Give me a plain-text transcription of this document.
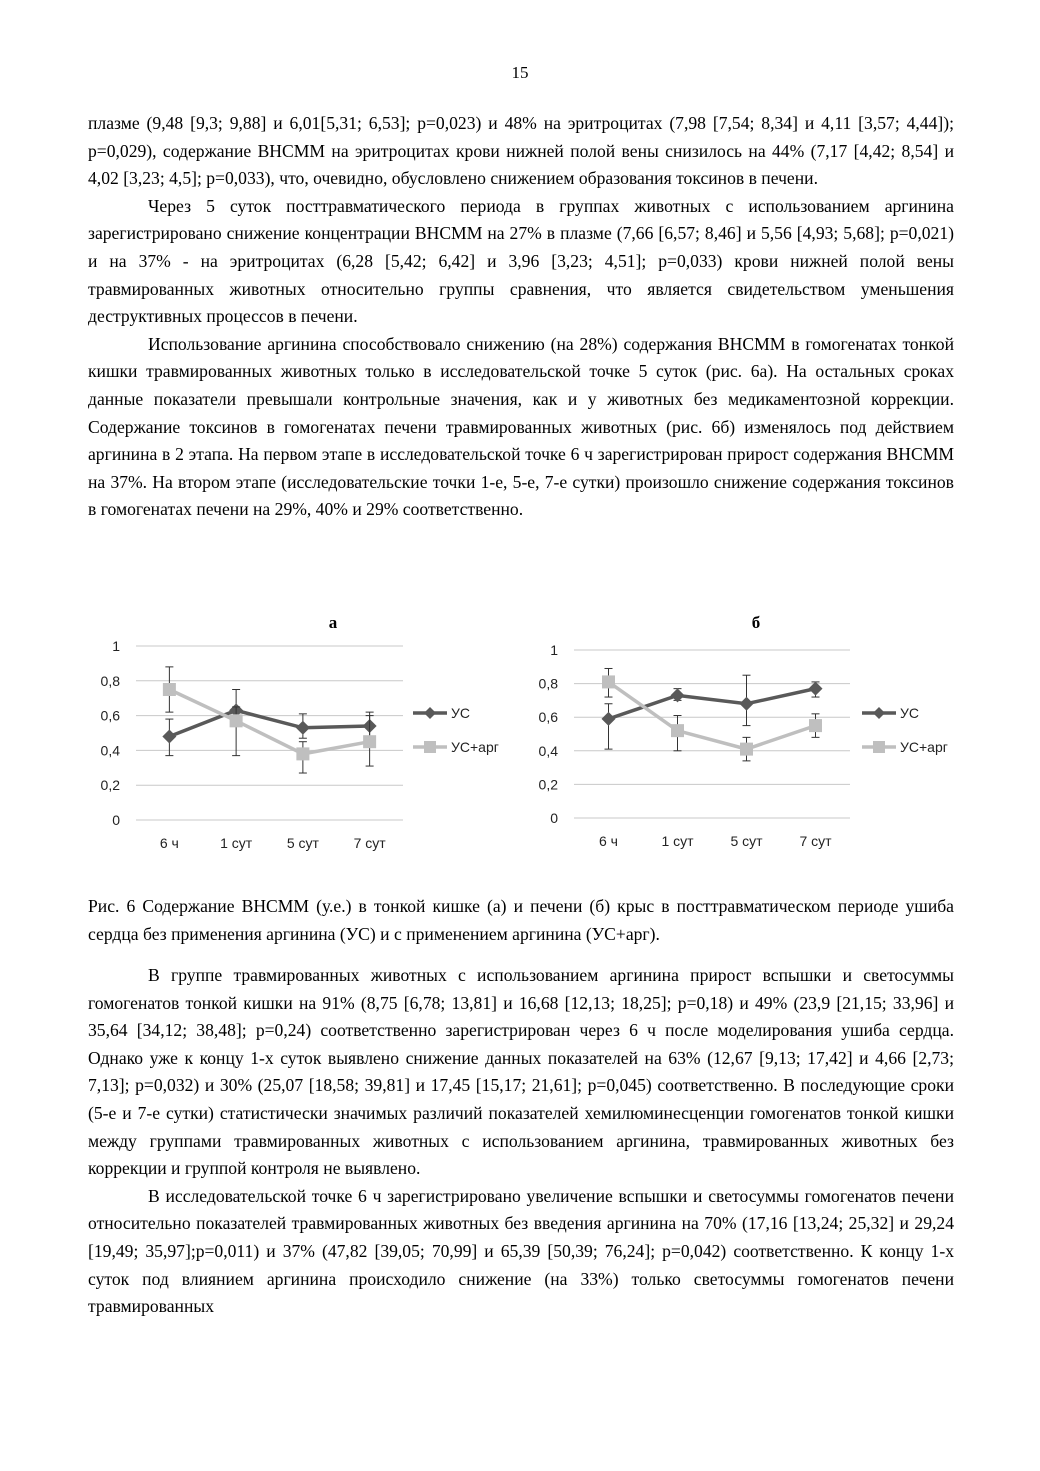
15

плазме (9,48 [9,3; 9,88] и 6,01[5,31; 6,53]; p=0,023) и 48% на эритроцитах (7,98 [7,54; 8,34] и 4,11 [3,57; 4,44]); p=0,029), содержание ВНСММ на эритроцитах крови нижней полой вены снизилось на 44% (7,17 [4,42; 8,54] и 4,02 [3,23; 4,5]; p=0,033), что, очевидно, обусловлено снижением образования токсинов в печени.

Через 5 суток посттравматического периода в группах животных с использованием аргинина зарегистрировано снижение концентрации ВНСММ на 27% в плазме (7,66 [6,57; 8,46] и 5,56 [4,93; 5,68]; p=0,021) и на 37% - на эритроцитах (6,28 [5,42; 6,42] и 3,96 [3,23; 4,51]; p=0,033) крови нижней полой вены травмированных животных относительно группы сравнения, что является свидетельством уменьшения деструктивных процессов в печени.

Использование аргинина способствовало снижению (на 28%) содержания ВНСММ в гомогенатах тонкой кишки травмированных животных только в исследовательской точке 5 суток (рис. 6а). На остальных сроках данные показатели превышали контрольные значения, как и у животных без медикаментозной коррекции. Содержание токсинов в гомогенатах печени травмированных животных (рис. 6б) изменялось под действием аргинина в 2 этапа. На первом этапе в исследовательской точке 6 ч зарегистрирован прирост содержания ВНСММ на 37%. На втором этапе (исследовательские точки 1-е, 5-е, 7-е сутки) произошло снижение содержания токсинов в гомогенатах печени на 29%, 40% и 29% соответственно.

а
0
0,2
0,4
0,6
0,8
1
6 ч	1 сут 5 сут 7 сут
УС
УС+арг
б
0
0,2
0,4
0,6
0,8
1
6 ч	1 сут	5 сут	7 сут
УС
УС+арг
Рис. 6 Содержание ВНСММ (у.е.) в тонкой кишке (а) и печени (б) крыс в посттравматическом периоде ушиба сердца без применения аргинина (УС) и с применением аргинина (УС+арг).

В группе травмированных животных с использованием аргинина прирост вспышки и светосуммы гомогенатов тонкой кишки на 91% (8,75 [6,78; 13,81] и 16,68 [12,13; 18,25]; p=0,18) и 49% (23,9 [21,15; 33,96] и 35,64 [34,12; 38,48]; p=0,24) соответственно зарегистрирован через 6 ч после моделирования ушиба сердца. Однако уже к концу 1-х суток выявлено снижение данных показателей на 63% (12,67 [9,13; 17,42] и 4,66 [2,73; 7,13]; p=0,032) и 30% (25,07 [18,58; 39,81] и 17,45 [15,17; 21,61]; p=0,045) соответственно. В последующие сроки (5-е и 7-е сутки) статистически значимых различий показателей хемилюминесценции гомогенатов тонкой кишки между группами травмированных животных с использованием аргинина, травмированных животных без коррекции и группой контроля не выявлено.

В исследовательской точке 6 ч зарегистрировано увеличение вспышки и светосуммы гомогенатов печени относительно показателей травмированных животных без введения аргинина на 70% (17,16 [13,24; 25,32] и 29,24 [19,49; 35,97];p=0,011) и 37% (47,82 [39,05; 70,99] и 65,39 [50,39; 76,24]; p=0,042) соответственно. К концу 1-х суток под влиянием аргинина происходило снижение (на 33%) только светосуммы гомогенатов печени травмированных
